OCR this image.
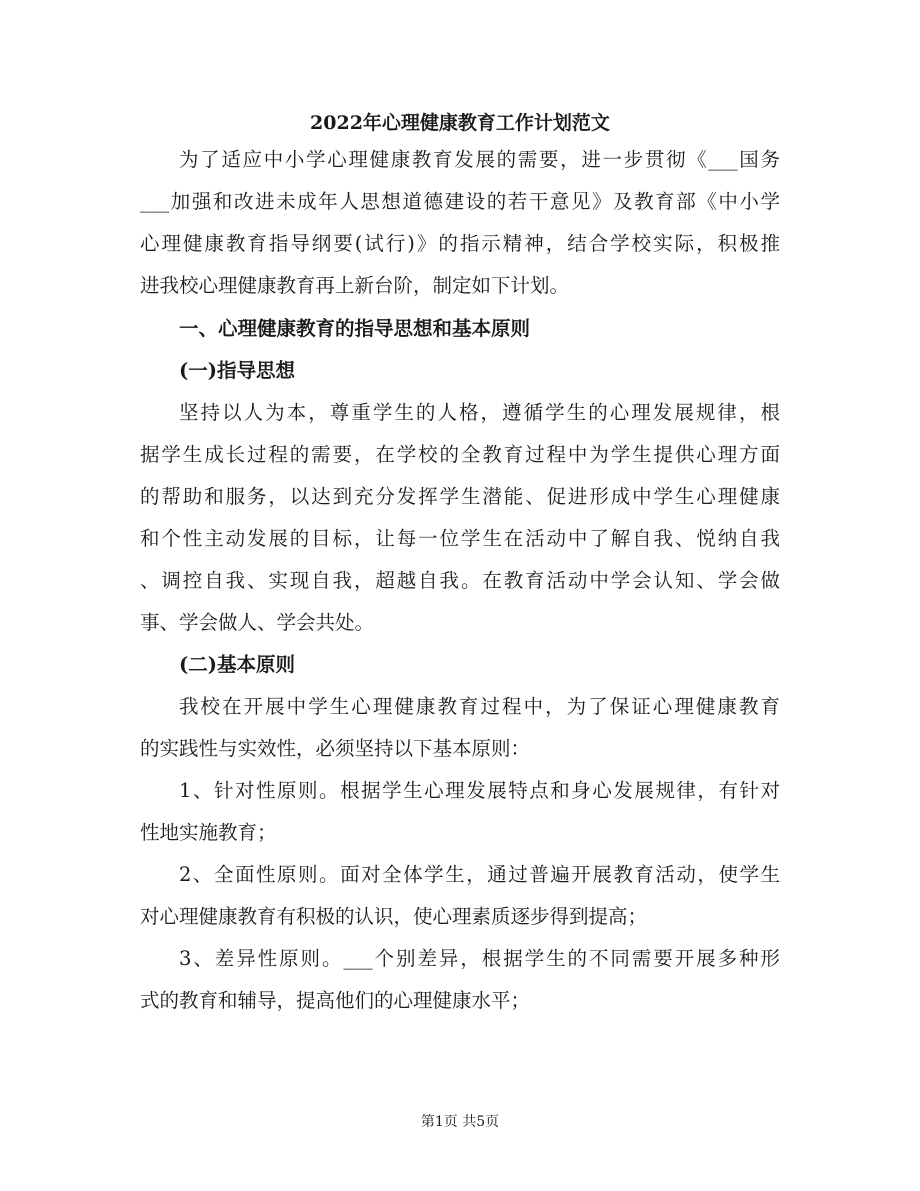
2022年心理健康教育工作计划范文
为了适应中小学心理健康教育发展的需要，进一步贯彻《___国务
___加强和改进未成年人思想道德建设的若干意见》及教育部《中小学
心理健康教育指导纲要(试行)》的指示精神，结合学校实际，积极推
进我校心理健康教育再上新台阶，制定如下计划。
一、心理健康教育的指导思想和基本原则
(一)指导思想
坚持以人为本，尊重学生的人格，遵循学生的心理发展规律，根
据学生成长过程的需要，在学校的全教育过程中为学生提供心理方面
的帮助和服务，以达到充分发挥学生潜能、促进形成中学生心理健康
和个性主动发展的目标，让每一位学生在活动中了解自我、悦纳自我
、调控自我、实现自我，超越自我。在教育活动中学会认知、学会做
事、学会做人、学会共处。
(二)基本原则
我校在开展中学生心理健康教育过程中，为了保证心理健康教育
的实践性与实效性，必须坚持以下基本原则：
1、针对性原则。根据学生心理发展特点和身心发展规律，有针对
性地实施教育；
2、全面性原则。面对全体学生，通过普遍开展教育活动，使学生
对心理健康教育有积极的认识，使心理素质逐步得到提高；
3、差异性原则。___个别差异，根据学生的不同需要开展多种形
式的教育和辅导，提高他们的心理健康水平；
第1页 共5页
